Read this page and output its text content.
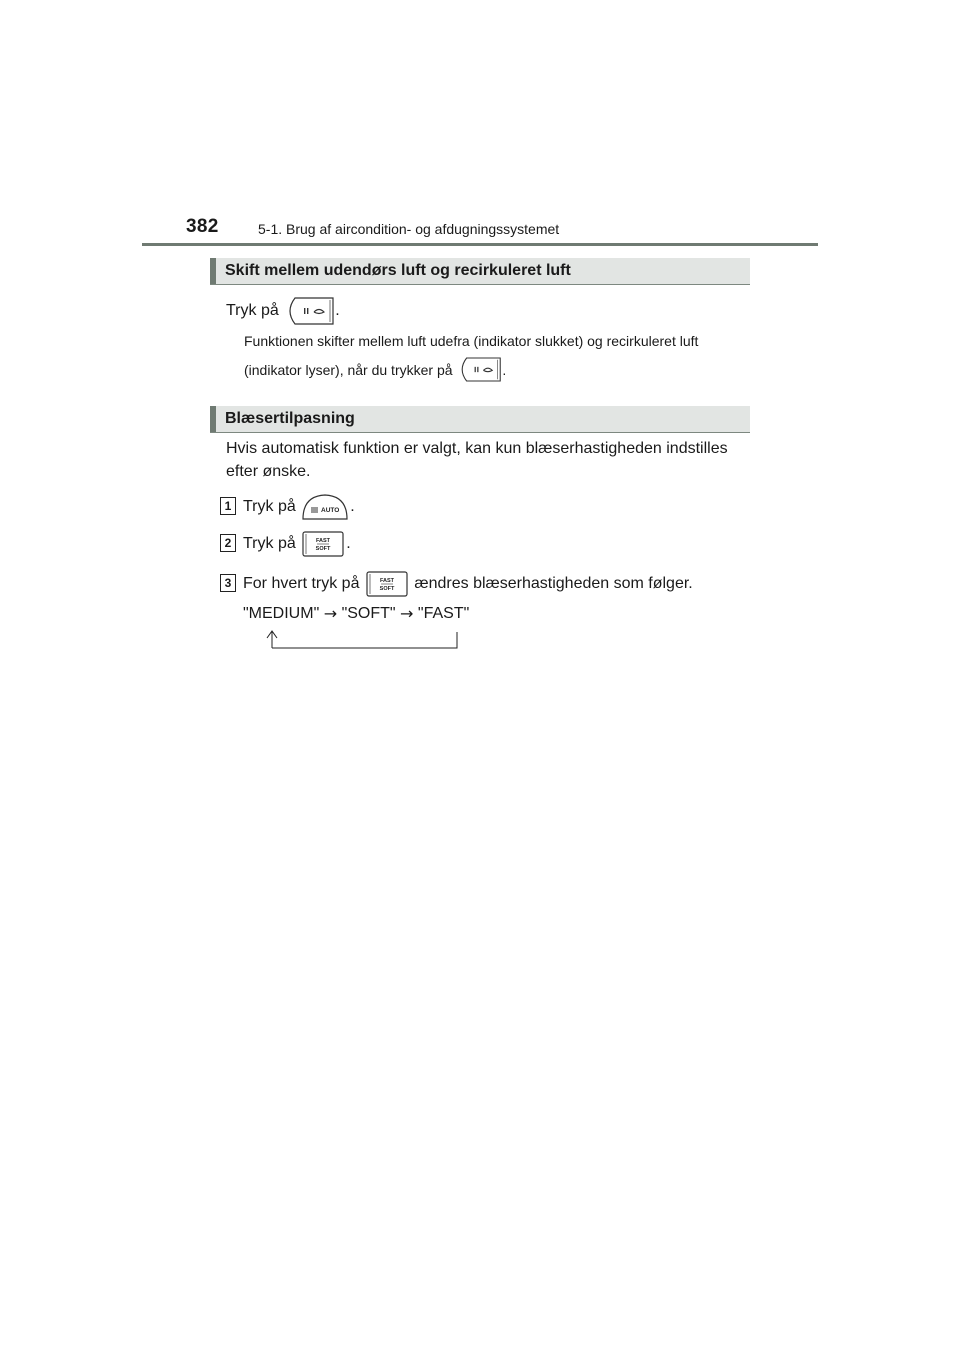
382	5-1. Brug af aircondition- og afdugningssystemet
Skift mellem udendørs luft og recirkuleret luft
Tryk på	.
Funktionen skifter mellem luft udefra (indikator slukket) og recirkuleret luft
(indikator lyser), når du trykker på	.
Blæsertilpasning
Hvis automatisk funktion er valgt, kan kun blæserhastigheden indstilles
efter ønske.
1 Tryk på	AUTO .
2 Tryk på	FAST
SOFT .
3 For hvert tryk på	FAST
SOFT ændres blæserhastigheden som følger.
"MEDIUM"
→
"SOFT"
→
"FAST"
